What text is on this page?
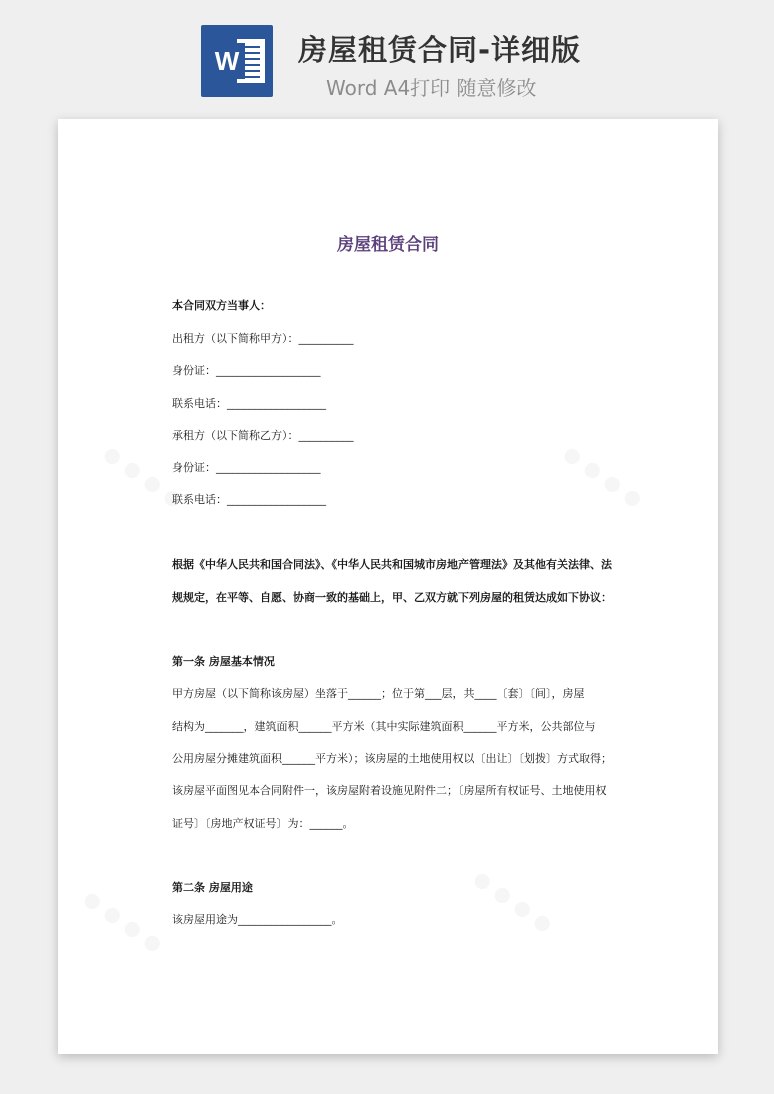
W 房屋租赁合同-详细版
Word A4打印 随意修改
房屋租赁合同
本合同双方当事人：
出租方（以下简称甲方）：__________
身份证：___________________
联系电话：__________________
承租方（以下简称乙方）：__________
身份证：___________________
联系电话：__________________
根据《中华人民共和国合同法》、《中华人民共和国城市房地产管理法》及其他有关法律、法
规规定，在平等、自愿、协商一致的基础上，甲、乙双方就下列房屋的租赁达成如下协议：
第一条 房屋基本情况
甲方房屋（以下简称该房屋）坐落于______；位于第___层，共____〔套〕〔间〕，房屋
结构为_______，建筑面积______平方米（其中实际建筑面积______平方米，公共部位与
公用房屋分摊建筑面积______平方米）；该房屋的土地使用权以〔出让〕〔划拨〕方式取得；
该房屋平面图见本合同附件一，该房屋附着设施见附件二；〔房屋所有权证号、土地使用权
证号〕〔房地产权证号〕为：______。
第二条 房屋用途
该房屋用途为_________________。
